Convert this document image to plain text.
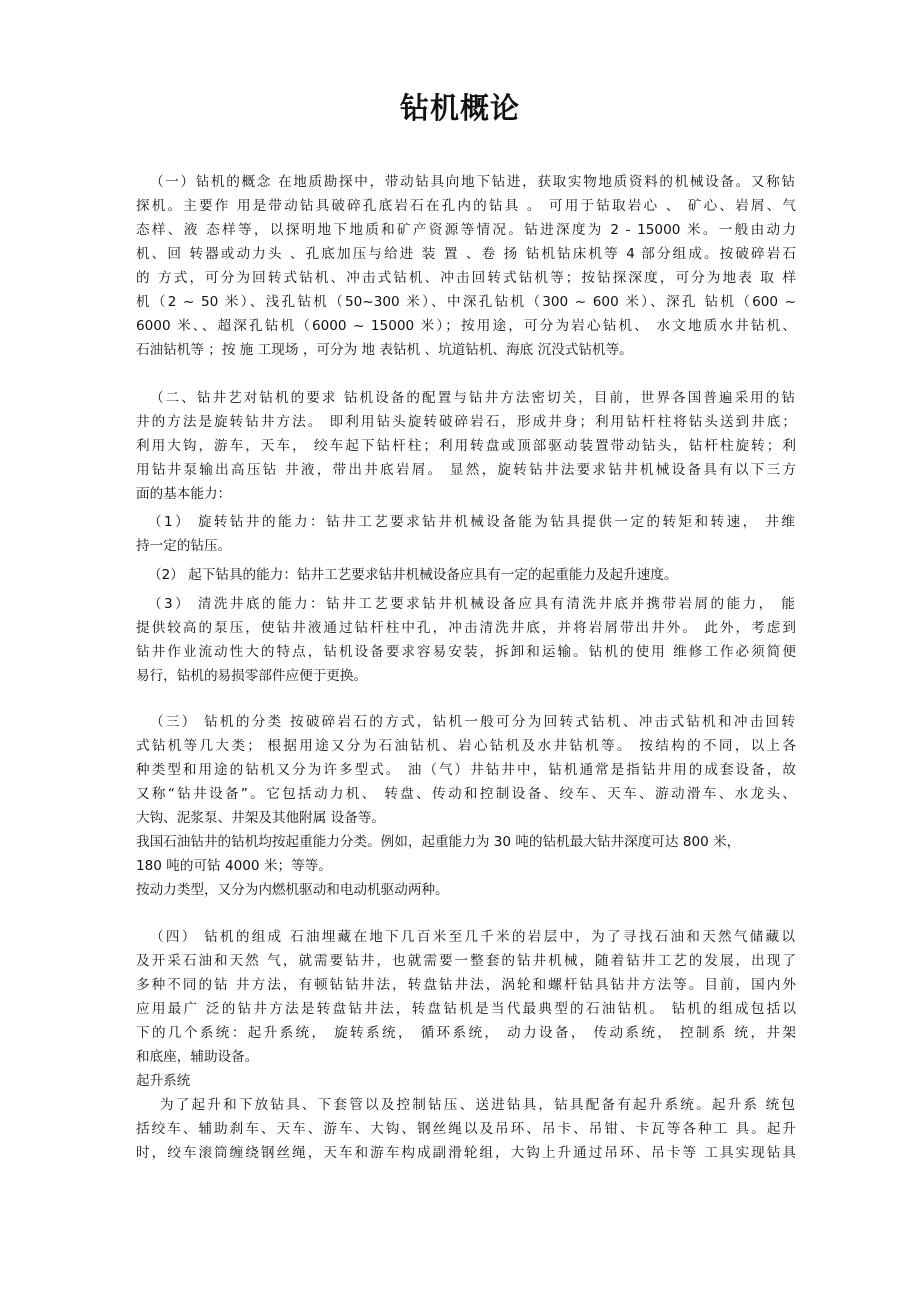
钻机概论
（一）钻机的概念 在地质勘探中，带动钻具向地下钻进，获取实物地质资料的机械设备。又称钻
探机。主要作 用是带动钻具破碎孔底岩石在孔内的钻具 。 可用于钻取岩心 、 矿心、岩屑、气
态样、液 态样等，以探明地下地质和矿产资源等情况。钻进深度为 2 - 15000 米。一般由动力
机、回 转器或动力头 、孔底加压与给进 装 置 、卷 扬 钻机钻床机等 4 部分组成。按破碎岩石
的 方式，可分为回转式钻机、冲击式钻机、冲击回转式钻机等；按钻探深度，可分为地表 取 样
机（2 ~ 50 米）、浅孔钻机（50~300 米）、中深孔钻机（300 ~ 600 米）、深孔 钻机（600 ~
6000 米、、超深孔钻机（6000 ~ 15000 米）；按用途，可分为岩心钻机、 水文地质水井钻机、
石油钻机等 ；按 施 工现场 ，可分为 地 表钻机 、坑道钻机、海底 沉没式钻机等。
（二、钻井艺对钻机的要求 钻机设备的配置与钻井方法密切关，目前，世界各国普遍采用的钻
井的方法是旋转钻井方法。 即利用钻头旋转破碎岩石，形成井身；利用钻杆柱将钻头送到井底；
利用大钩，游车，天车， 绞车起下钻杆柱；利用转盘或顶部驱动装置带动钻头，钻杆柱旋转；利
用钻井泵输出高压钻 井液，带出井底岩屑。 显然，旋转钻井法要求钻井机械设备具有以下三方
面的基本能力：
（1） 旋转钻井的能力：钻井工艺要求钻井机械设备能为钻具提供一定的转矩和转速， 井维
持一定的钻压。
（2） 起下钻具的能力：钻井工艺要求钻井机械设备应具有一定的起重能力及起升速度。
（3） 清洗井底的能力：钻井工艺要求钻井机械设备应具有清洗井底并携带岩屑的能力， 能
提供较高的泵压，使钻井液通过钻杆柱中孔，冲击清洗井底，并将岩屑带出井外。 此外，考虑到
钻井作业流动性大的特点，钻机设备要求容易安装，拆卸和运输。钻机的使用 维修工作必须简便
易行，钻机的易损零部件应便于更换。
（三） 钻机的分类 按破碎岩石的方式，钻机一般可分为回转式钻机、冲击式钻机和冲击回转
式钻机等几大类； 根据用途又分为石油钻机、岩心钻机及水井钻机等。 按结构的不同，以上各
种类型和用途的钻机又分为许多型式。 油（气）井钻井中，钻机通常是指钻井用的成套设备，故
又称“钻井设备”。它包括动力机、 转盘、传动和控制设备、绞车、天车、游动滑车、水龙头、
大钩、泥浆泵、井架及其他附属 设备等。
我国石油钻井的钻机均按起重能力分类。例如，起重能力为 30 吨的钻机最大钻井深度可达 800 米，
180 吨的可钻 4000 米；等等。
按动力类型，又分为内燃机驱动和电动机驱动两种。
（四） 钻机的组成 石油埋藏在地下几百米至几千米的岩层中，为了寻找石油和天然气储藏以
及开采石油和天然 气，就需要钻井，也就需要一整套的钻井机械，随着钻井工艺的发展，出现了
多种不同的钻 井方法，有顿钻钻井法，转盘钻井法，涡轮和螺杆钻具钻井方法等。目前，国内外
应用最广 泛的钻井方法是转盘钻井法，转盘钻机是当代最典型的石油钻机。 钻机的组成包括以
下的几个系统：起升系统， 旋转系统， 循环系统， 动力设备， 传动系统， 控制系 统，井架
和底座，辅助设备。
起升系统
为了起升和下放钻具、下套管以及控制钻压、送进钻具，钻具配备有起升系统。起升系 统包
括绞车、辅助刹车、天车、游车、大钩、钢丝绳以及吊环、吊卡、吊钳、卡瓦等各种工 具。起升
时，绞车滚筒缠绕钢丝绳，天车和游车构成副滑轮组，大钩上升通过吊环、吊卡等 工具实现钻具
